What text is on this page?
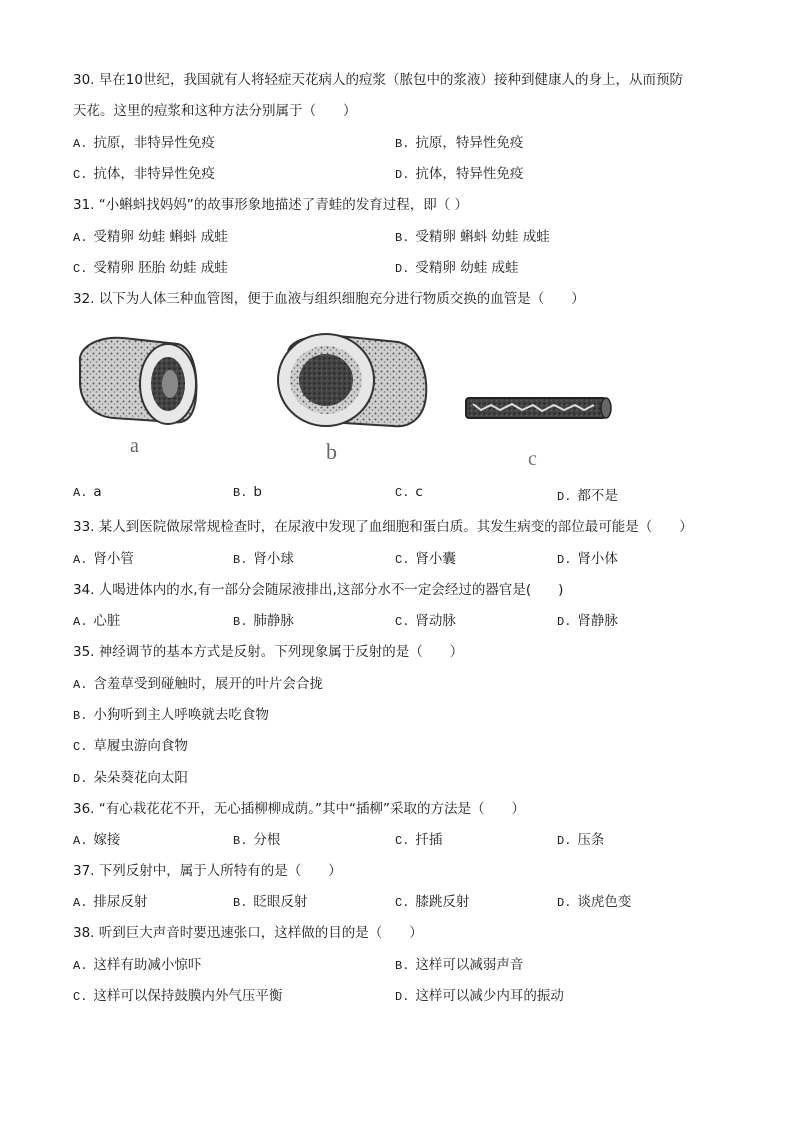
30. 早在10世纪，我国就有人将轻症天花病人的痘浆（脓包中的浆液）接种到健康人的身上，从而预防
天花。这里的痘浆和这种方法分别属于（　　）
A. 抗原，非特异性免疫	B. 抗原，特异性免疫
C. 抗体，非特异性免疫	D. 抗体，特异性免疫
31. “小蝌蚪找妈妈”的故事形象地描述了青蛙的发育过程，即（ ）
A. 受精卵 幼蛙 蝌蚪 成蛙	B. 受精卵 蝌蚪 幼蛙 成蛙
C. 受精卵 胚胎 幼蛙 成蛙	D. 受精卵 幼蛙 成蛙
32. 以下为人体三种血管图，便于血液与组织细胞充分进行物质交换的血管是（　　）
a	b	c
A. a	B. b	C. c	D. 都不是
33. 某人到医院做尿常规检查时，在尿液中发现了血细胞和蛋白质。其发生病变的部位最可能是（　　）
A. 肾小管	B. 肾小球	C. 肾小囊	D. 肾小体
34. 人喝进体内的水,有一部分会随尿液排出,这部分水不一定会经过的器官是(　　)
A. 心脏	B. 肺静脉	C. 肾动脉	D. 肾静脉
35. 神经调节的基本方式是反射。下列现象属于反射的是（　　）
A. 含羞草受到碰触时，展开的叶片会合拢
B. 小狗听到主人呼唤就去吃食物
C. 草履虫游向食物
D. 朵朵葵花向太阳
36. “有心栽花花不开，无心插柳柳成荫。”其中“插柳”采取的方法是（　　）
A. 嫁接	B. 分根	C. 扦插	D. 压条
37. 下列反射中，属于人所特有的是（　　）
A. 排尿反射	B. 眨眼反射	C. 膝跳反射	D. 谈虎色变
38. 听到巨大声音时要迅速张口，这样做的目的是（　　）
A. 这样有助减小惊吓	B. 这样可以减弱声音
C. 这样可以保持鼓膜内外气压平衡	D. 这样可以减少内耳的振动
